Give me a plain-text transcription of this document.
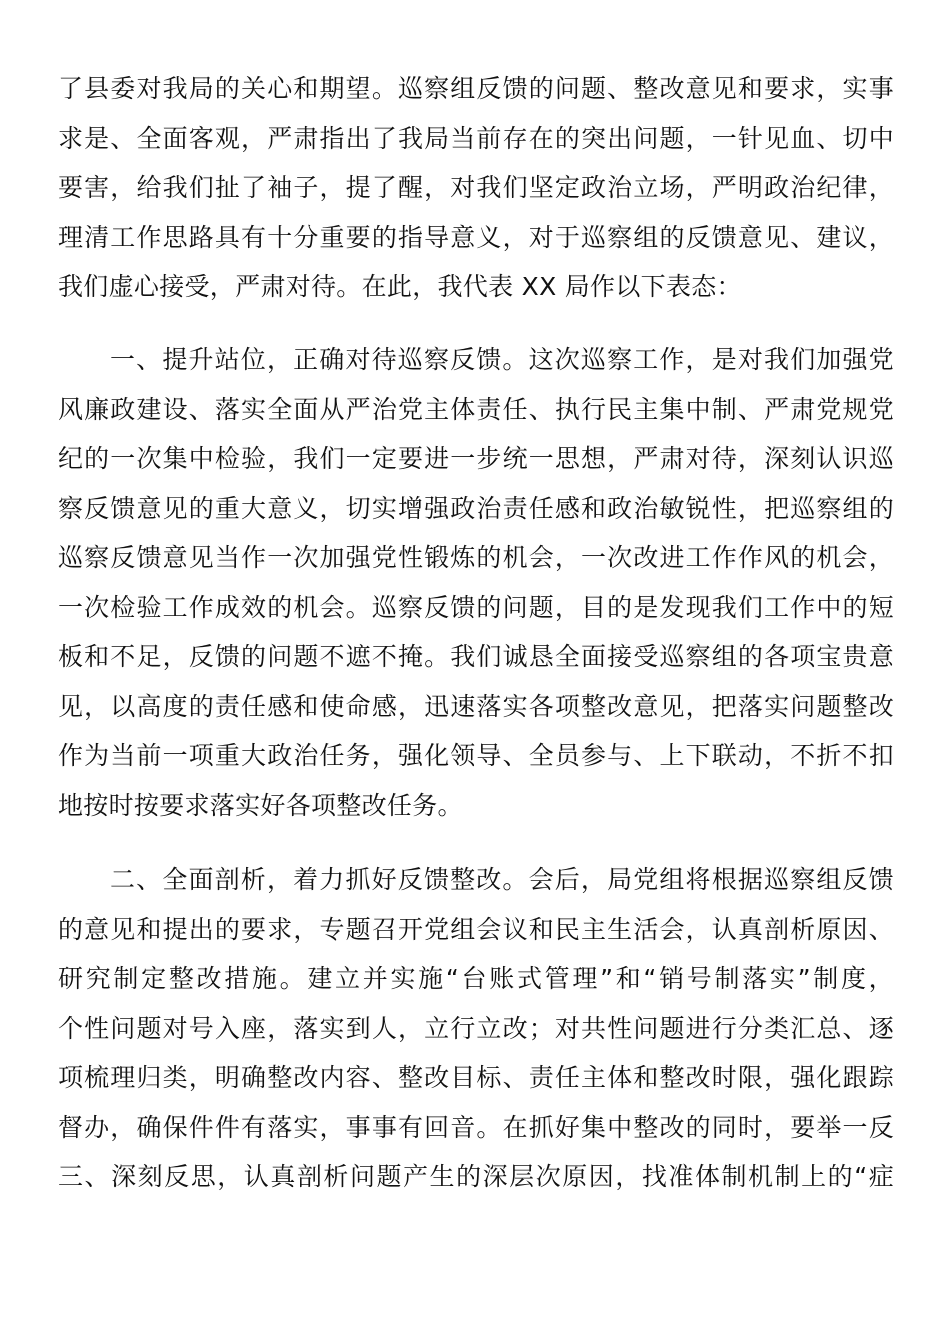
了县委对我局的关心和期望。巡察组反馈的问题、整改意见和要求，实事
求是、全面客观，严肃指出了我局当前存在的突出问题，一针见血、切中
要害，给我们扯了袖子，提了醒，对我们坚定政治立场，严明政治纪律，
理清工作思路具有十分重要的指导意义，对于巡察组的反馈意见、建议，
我们虚心接受，严肃对待。在此，我代表 XX 局作以下表态：
一、提升站位，正确对待巡察反馈。这次巡察工作，是对我们加强党
风廉政建设、落实全面从严治党主体责任、执行民主集中制、严肃党规党
纪的一次集中检验，我们一定要进一步统一思想，严肃对待，深刻认识巡
察反馈意见的重大意义，切实增强政治责任感和政治敏锐性，把巡察组的
巡察反馈意见当作一次加强党性锻炼的机会，一次改进工作作风的机会，
一次检验工作成效的机会。巡察反馈的问题，目的是发现我们工作中的短
板和不足，反馈的问题不遮不掩。我们诚恳全面接受巡察组的各项宝贵意
见，以高度的责任感和使命感，迅速落实各项整改意见，把落实问题整改
作为当前一项重大政治任务，强化领导、全员参与、上下联动，不折不扣
地按时按要求落实好各项整改任务。
二、全面剖析，着力抓好反馈整改。会后，局党组将根据巡察组反馈
的意见和提出的要求，专题召开党组会议和民主生活会，认真剖析原因、
研究制定整改措施。建立并实施“台账式管理”和“销号制落实”制度，
个性问题对号入座，落实到人，立行立改；对共性问题进行分类汇总、逐
项梳理归类，明确整改内容、整改目标、责任主体和整改时限，强化跟踪
督办，确保件件有落实，事事有回音。在抓好集中整改的同时，要举一反
三、深刻反思，认真剖析问题产生的深层次原因，找准体制机制上的“症
